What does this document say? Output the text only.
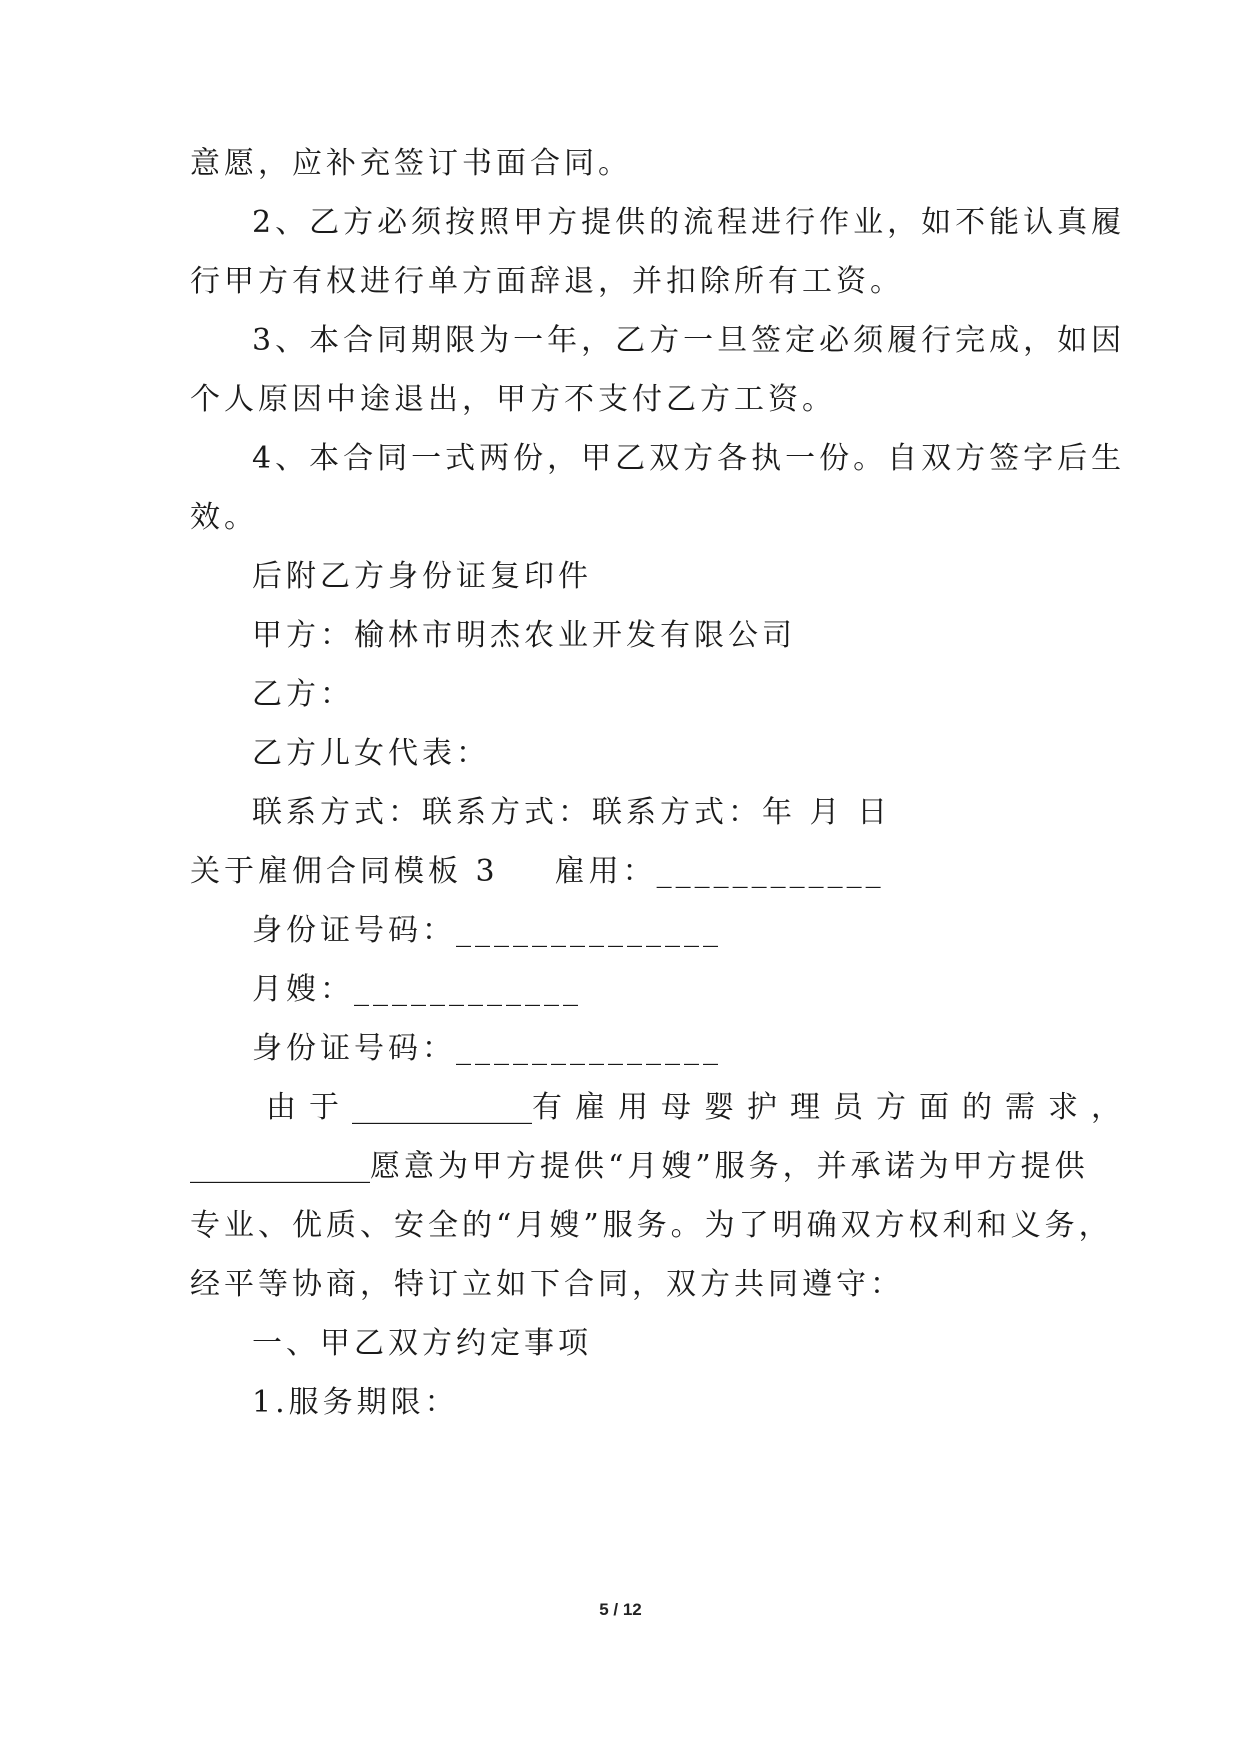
意愿，应补充签订书面合同。
2、乙方必须按照甲方提供的流程进行作业，如不能认真履
行甲方有权进行单方面辞退，并扣除所有工资。
3、本合同期限为一年，乙方一旦签定必须履行完成，如因
个人原因中途退出，甲方不支付乙方工资。
4、本合同一式两份，甲乙双方各执一份。自双方签字后生
效。
后附乙方身份证复印件
甲方：榆林市明杰农业开发有限公司
乙方：
乙方儿女代表：
联系方式：联系方式：联系方式：年 月 日
关于雇佣合同模板 3 雇用：____________
身份证号码：______________
月嫂：____________
身份证号码：______________
由于____________有雇用母婴护理员方面的需求，
____________愿意为甲方提供“月嫂”服务，并承诺为甲方提供
专业、优质、安全的“月嫂”服务。为了明确双方权利和义务，
经平等协商，特订立如下合同，双方共同遵守：
一、甲乙双方约定事项
1.服务期限：
5 / 12
